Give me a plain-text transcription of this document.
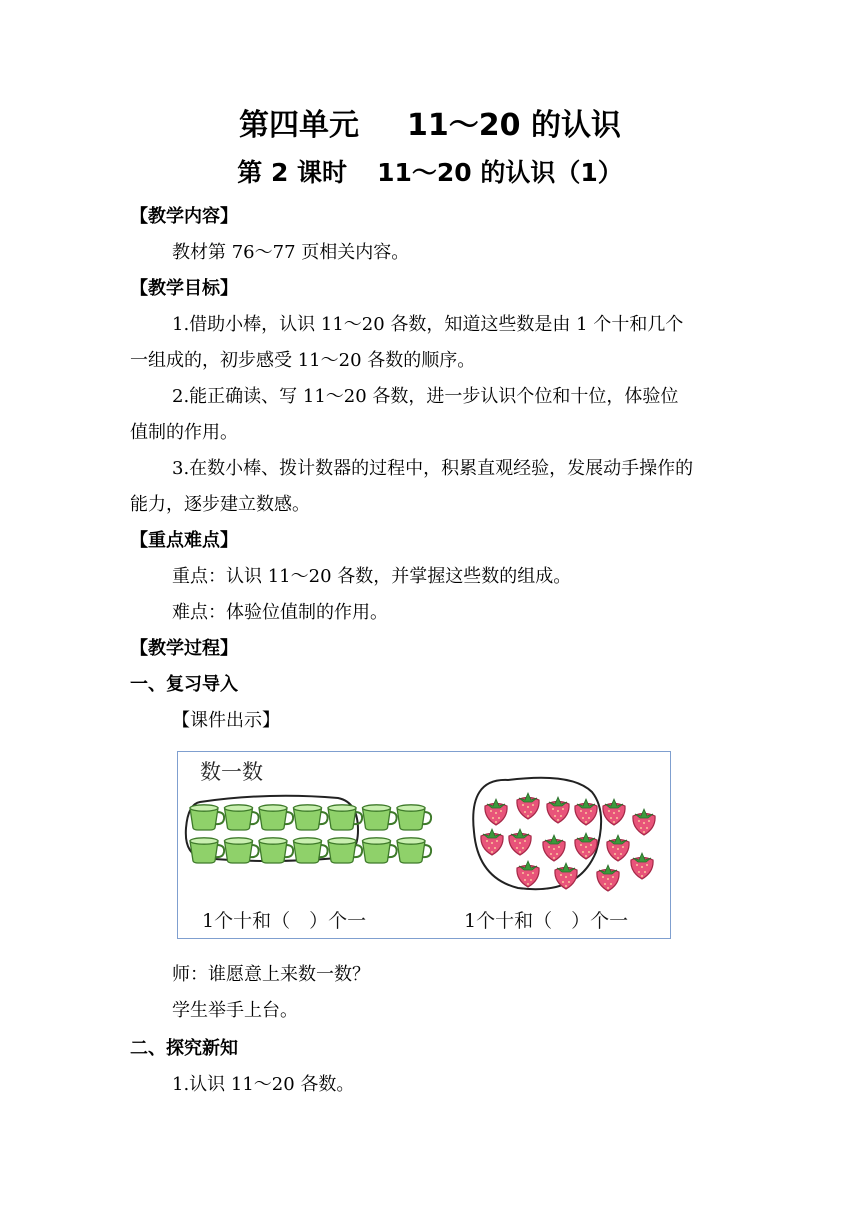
第四单元 11～20 的认识
第 2 课时 11～20 的认识（1）
【教学内容】
教材第 76～77 页相关内容。
【教学目标】
1.借助小棒，认识 11～20 各数，知道这些数是由 1 个十和几个
一组成的，初步感受 11～20 各数的顺序。
2.能正确读、写 11～20 各数，进一步认识个位和十位，体验位
值制的作用。
3.在数小棒、拨计数器的过程中，积累直观经验，发展动手操作的
能力，逐步建立数感。
【重点难点】
重点：认识 11～20 各数，并掌握这些数的组成。
难点：体验位值制的作用。
【教学过程】
一、复习导入
【课件出示】
数一数
1个十和（　）个一	1个十和（　）个一
师：谁愿意上来数一数？
学生举手上台。
二、探究新知
1.认识 11～20 各数。
